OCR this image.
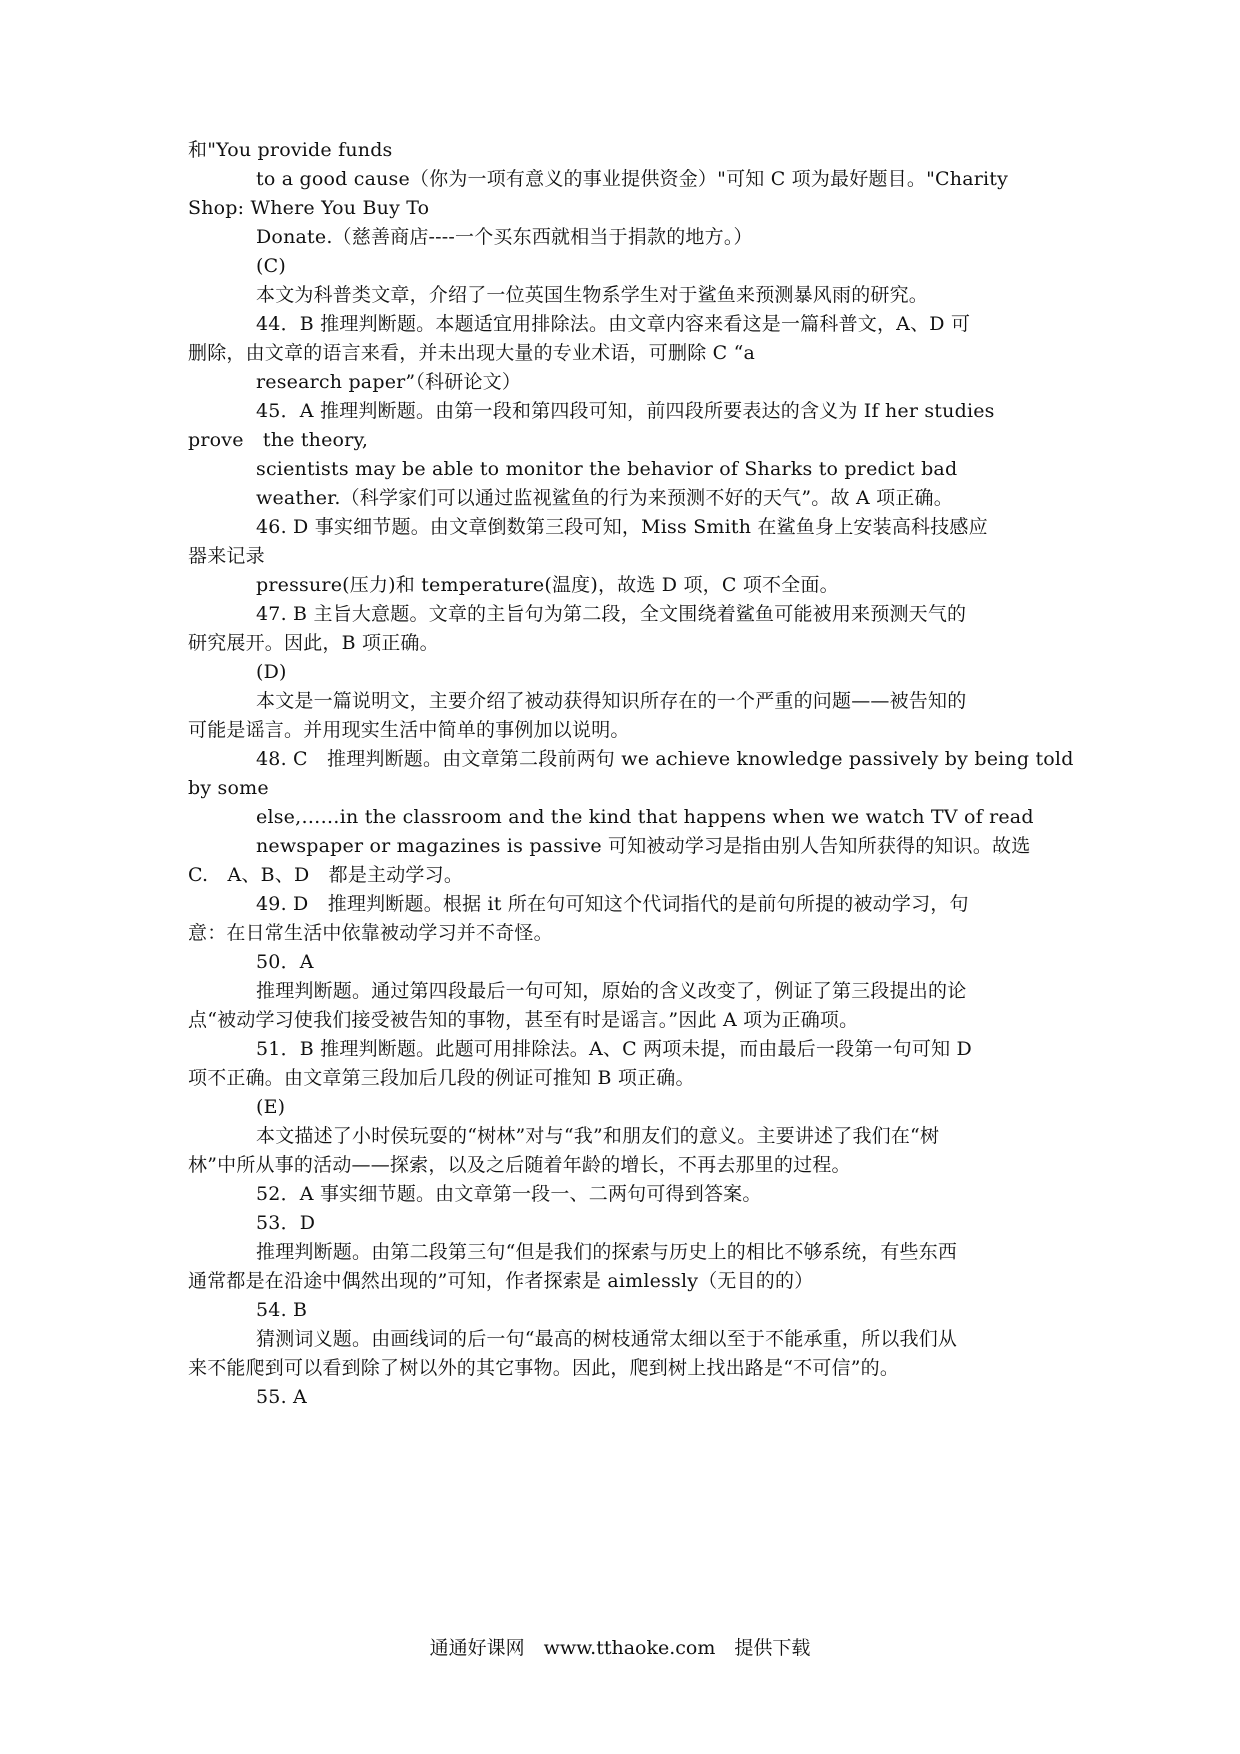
和"You provide funds
to a good cause（你为一项有意义的事业提供资金）"可知 C 项为最好题目。"Charity
Shop: Where You Buy To
Donate.（慈善商店----一个买东西就相当于捐款的地方。）
(C)
本文为科普类文章，介绍了一位英国生物系学生对于鲨鱼来预测暴风雨的研究。
44．B 推理判断题。本题适宜用排除法。由文章内容来看这是一篇科普文，A、D 可
删除，由文章的语言来看，并未出现大量的专业术语，可删除 C “a
research paper”（科研论文）
45．A 推理判断题。由第一段和第四段可知，前四段所要表达的含义为 If her studies
prove　the theory,
scientists may be able to monitor the behavior of Sharks to predict bad
weather.（科学家们可以通过监视鲨鱼的行为来预测不好的天气”。故 A 项正确。
46. D 事实细节题。由文章倒数第三段可知，Miss Smith 在鲨鱼身上安装高科技感应
器来记录
pressure(压力)和 temperature(温度)，故选 D 项，C 项不全面。
47. B 主旨大意题。文章的主旨句为第二段，全文围绕着鲨鱼可能被用来预测天气的
研究展开。因此，B 项正确。
(D)
本文是一篇说明文，主要介绍了被动获得知识所存在的一个严重的问题——被告知的
可能是谣言。并用现实生活中简单的事例加以说明。
48. C　推理判断题。由文章第二段前两句 we achieve knowledge passively by being told
by some
else,……in the classroom and the kind that happens when we watch TV of read
newspaper or magazines is passive 可知被动学习是指由别人告知所获得的知识。故选
C.　A、B、D　都是主动学习。
49. D　推理判断题。根据 it 所在句可知这个代词指代的是前句所提的被动学习，句
意：在日常生活中依靠被动学习并不奇怪。
50．A
推理判断题。通过第四段最后一句可知，原始的含义改变了，例证了第三段提出的论
点“被动学习使我们接受被告知的事物，甚至有时是谣言。”因此 A 项为正确项。
51．B 推理判断题。此题可用排除法。A、C 两项未提，而由最后一段第一句可知 D
项不正确。由文章第三段加后几段的例证可推知 B 项正确。
(E)
本文描述了小时侯玩耍的“树林”对与“我”和朋友们的意义。主要讲述了我们在“树
林”中所从事的活动——探索，以及之后随着年龄的增长，不再去那里的过程。
52．A 事实细节题。由文章第一段一、二两句可得到答案。
53．D
推理判断题。由第二段第三句“但是我们的探索与历史上的相比不够系统，有些东西
通常都是在沿途中偶然出现的”可知，作者探索是 aimlessly（无目的的）
54. B
猜测词义题。由画线词的后一句“最高的树枝通常太细以至于不能承重，所以我们从
来不能爬到可以看到除了树以外的其它事物。因此，爬到树上找出路是“不可信”的。
55. A
通通好课网　www.tthaoke.com　提供下载
